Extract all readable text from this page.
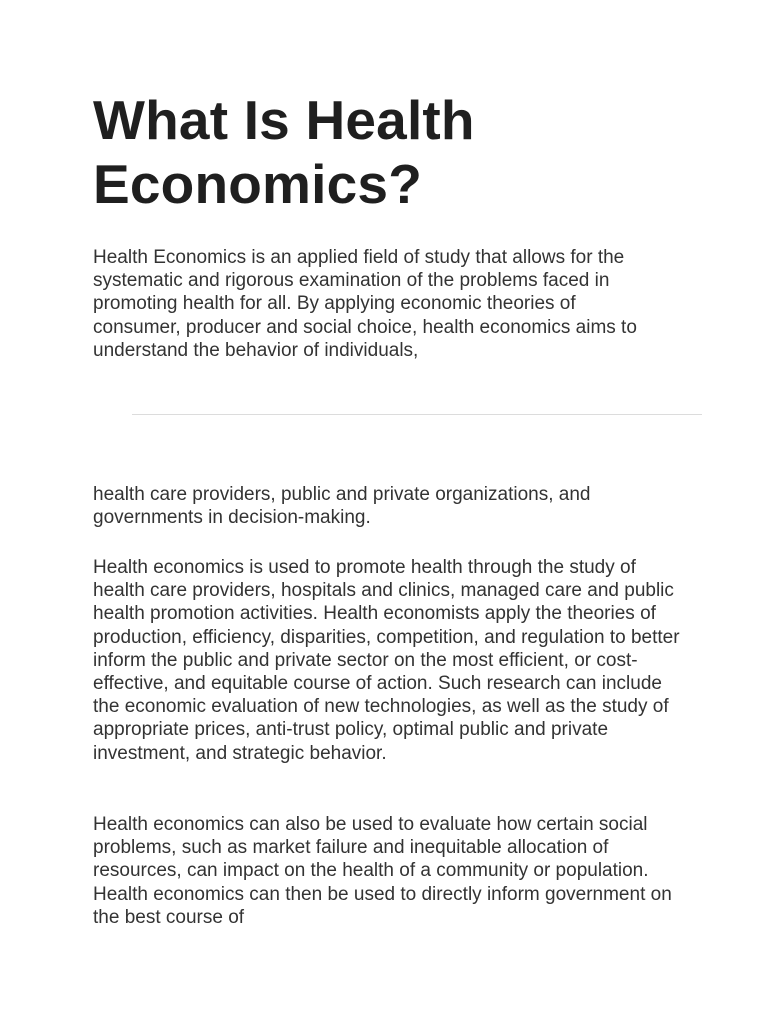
What Is Health Economics?

Health Economics is an applied field of study that allows for the systematic and rigorous examination of the problems faced in promoting health for all. By applying economic theories of consumer, producer and social choice, health economics aims to understand the behavior of individuals,

health care providers, public and private organizations, and governments in decision-making.

Health economics is used to promote health through the study of health care providers, hospitals and clinics, managed care and public health promotion activities. Health economists apply the theories of production, efficiency, disparities, competition, and regulation to better inform the public and private sector on the most efficient, or cost-effective, and equitable course of action. Such research can include the economic evaluation of new technologies, as well as the study of appropriate prices, anti-trust policy, optimal public and private investment, and strategic behavior.

Health economics can also be used to evaluate how certain social problems, such as market failure and inequitable allocation of resources, can impact on the health of a community or population. Health economics can then be used to directly inform government on the best course of
